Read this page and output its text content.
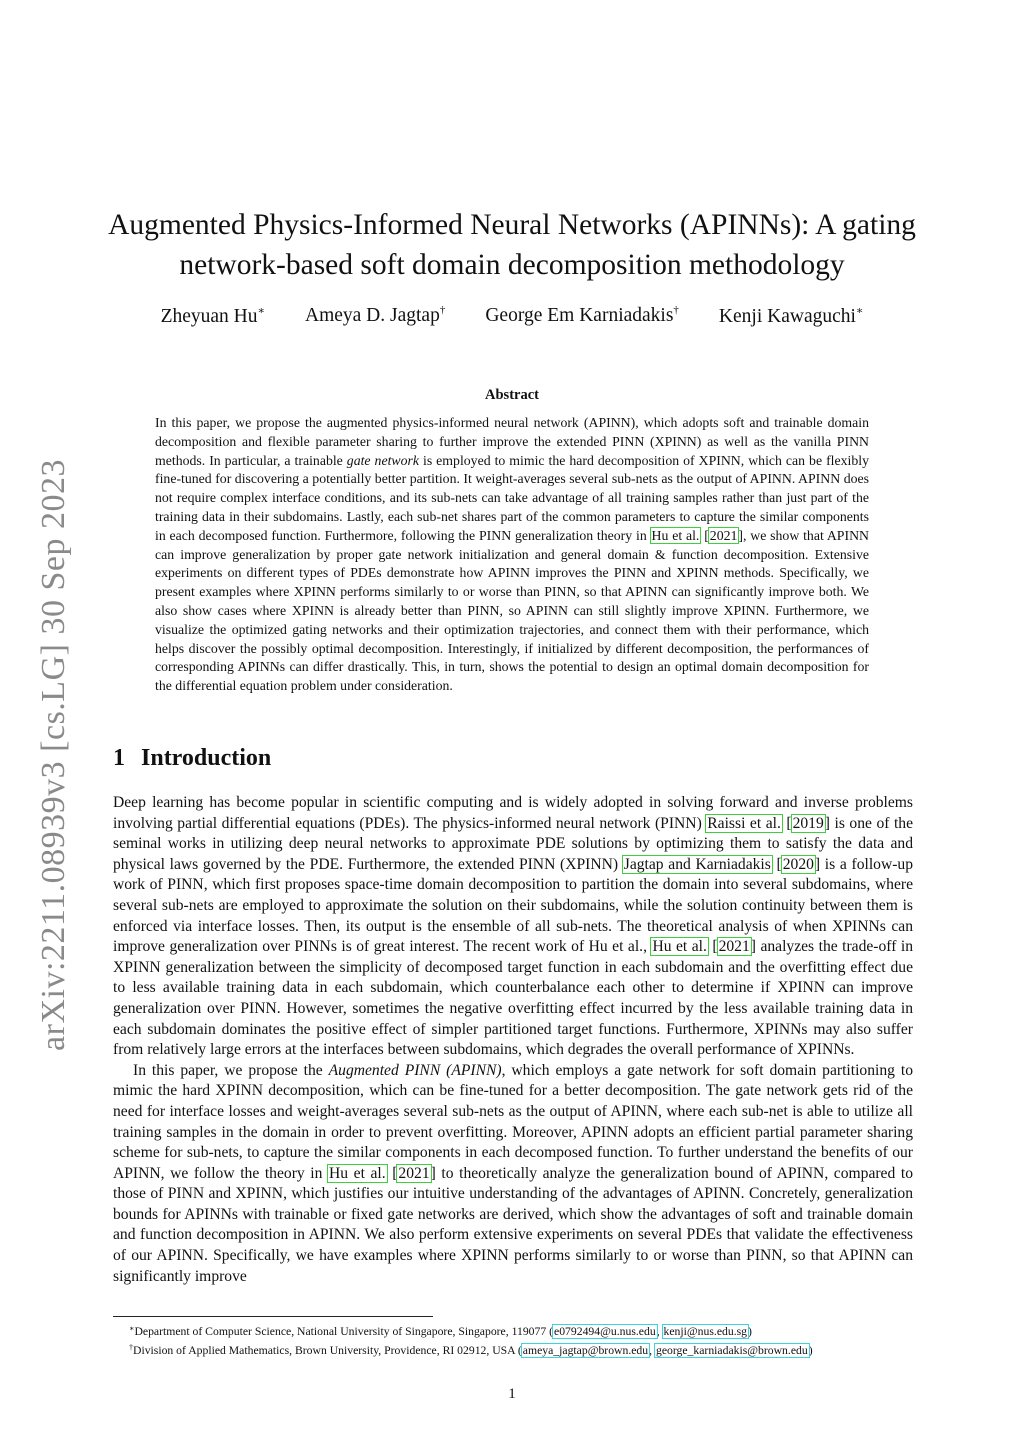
arXiv:2211.08939v3 [cs.LG] 30 Sep 2023
Augmented Physics-Informed Neural Networks (APINNs): A gating
network-based soft domain decomposition methodology
Zheyuan Hu∗ Ameya D. Jagtap† George Em Karniadakis† Kenji Kawaguchi∗
Abstract

In this paper, we propose the augmented physics-informed neural network (APINN), which adopts soft and trainable domain decomposition and flexible parameter sharing to further improve the extended PINN (XPINN) as well as the vanilla PINN methods. In particular, a trainable gate network is employed to mimic the hard decomposition of XPINN, which can be flexibly fine-tuned for discovering a potentially better partition. It weight-averages several sub-nets as the output of APINN. APINN does not require complex interface conditions, and its sub-nets can take advantage of all training samples rather than just part of the training data in their subdomains. Lastly, each sub-net shares part of the common parameters to capture the similar components in each decomposed function. Furthermore, following the PINN generalization theory in Hu et al. [2021], we show that APINN can improve generalization by proper gate network initialization and general domain & function decomposition. Extensive experiments on different types of PDEs demonstrate how APINN improves the PINN and XPINN methods. Specifically, we present examples where XPINN performs similarly to or worse than PINN, so that APINN can significantly improve both. We also show cases where XPINN is already better than PINN, so APINN can still slightly improve XPINN. Furthermore, we visualize the optimized gating networks and their optimization trajectories, and connect them with their performance, which helps discover the possibly optimal decomposition. Interestingly, if initialized by different decomposition, the performances of corresponding APINNs can differ drastically. This, in turn, shows the potential to design an optimal domain decomposition for the differential equation problem under consideration.

1 Introduction

Deep learning has become popular in scientific computing and is widely adopted in solving forward and inverse problems involving partial differential equations (PDEs). The physics-informed neural network (PINN) Raissi et al. [2019] is one of the seminal works in utilizing deep neural networks to approximate PDE solutions by optimizing them to satisfy the data and physical laws governed by the PDE. Furthermore, the extended PINN (XPINN) Jagtap and Karniadakis [2020] is a follow-up work of PINN, which first proposes space-time domain decomposition to partition the domain into several subdomains, where several sub-nets are employed to approximate the solution on their subdomains, while the solution continuity between them is enforced via interface losses. Then, its output is the ensemble of all sub-nets. The theoretical analysis of when XPINNs can improve generalization over PINNs is of great interest. The recent work of Hu et al., Hu et al. [2021] analyzes the trade-off in XPINN generalization between the simplicity of decomposed target function in each subdomain and the overfitting effect due to less available training data in each subdomain, which counterbalance each other to determine if XPINN can improve generalization over PINN. However, sometimes the negative overfitting effect incurred by the less available training data in each subdomain dominates the positive effect of simpler partitioned target functions. Furthermore, XPINNs may also suffer from relatively large errors at the interfaces between subdomains, which degrades the overall performance of XPINNs.

In this paper, we propose the Augmented PINN (APINN), which employs a gate network for soft domain partitioning to mimic the hard XPINN decomposition, which can be fine-tuned for a better decomposition. The gate network gets rid of the need for interface losses and weight-averages several sub-nets as the output of APINN, where each sub-net is able to utilize all training samples in the domain in order to prevent overfitting. Moreover, APINN adopts an efficient partial parameter sharing scheme for sub-nets, to capture the similar components in each decomposed function. To further understand the benefits of our APINN, we follow the theory in Hu et al. [2021] to theoretically analyze the generalization bound of APINN, compared to those of PINN and XPINN, which justifies our intuitive understanding of the advantages of APINN. Concretely, generalization bounds for APINNs with trainable or fixed gate networks are derived, which show the advantages of soft and trainable domain and function decomposition in APINN. We also perform extensive experiments on several PDEs that validate the effectiveness of our APINN. Specifically, we have examples where XPINN performs similarly to or worse than PINN, so that APINN can significantly improve

∗Department of Computer Science, National University of Singapore, Singapore, 119077 (e0792494@u.nus.edu, kenji@nus.edu.sg)
†Division of Applied Mathematics, Brown University, Providence, RI 02912, USA (ameya_jagtap@brown.edu, george_karniadakis@brown.edu)
1
